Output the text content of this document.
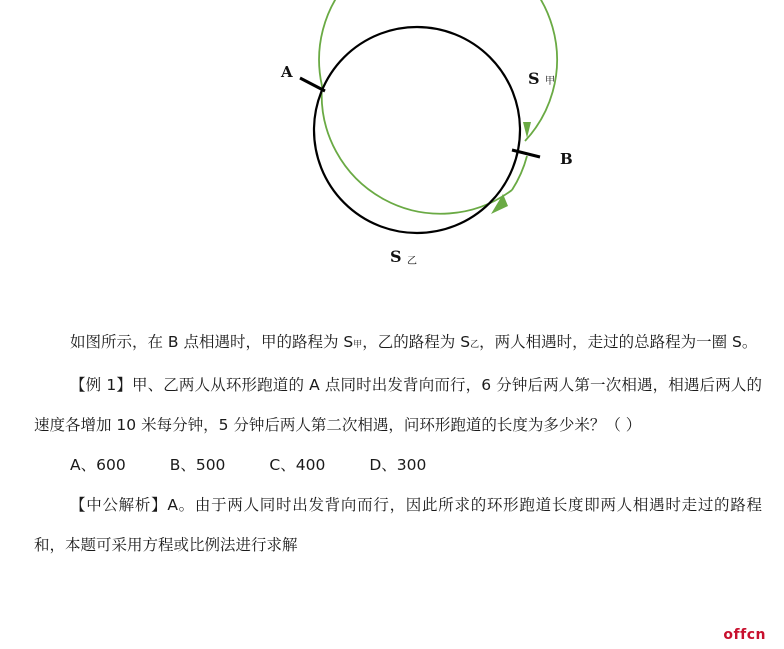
A
B
S 甲
S 乙

如图所示，在 B 点相遇时，甲的路程为 S甲，乙的路程为 S乙，两人相遇时，走过的总路程为一圈 S。

【例 1】甲、乙两人从环形跑道的 A 点同时出发背向而行，6 分钟后两人第一次相遇，相遇后两人的速度各增加 10 米每分钟，5 分钟后两人第二次相遇，问环形跑道的长度为多少米？（ ）

A、600	B、500	C、400	D、300

【中公解析】A。由于两人同时出发背向而行，因此所求的环形跑道长度即两人相遇时走过的路程和，本题可采用方程或比例法进行求解

offcn
